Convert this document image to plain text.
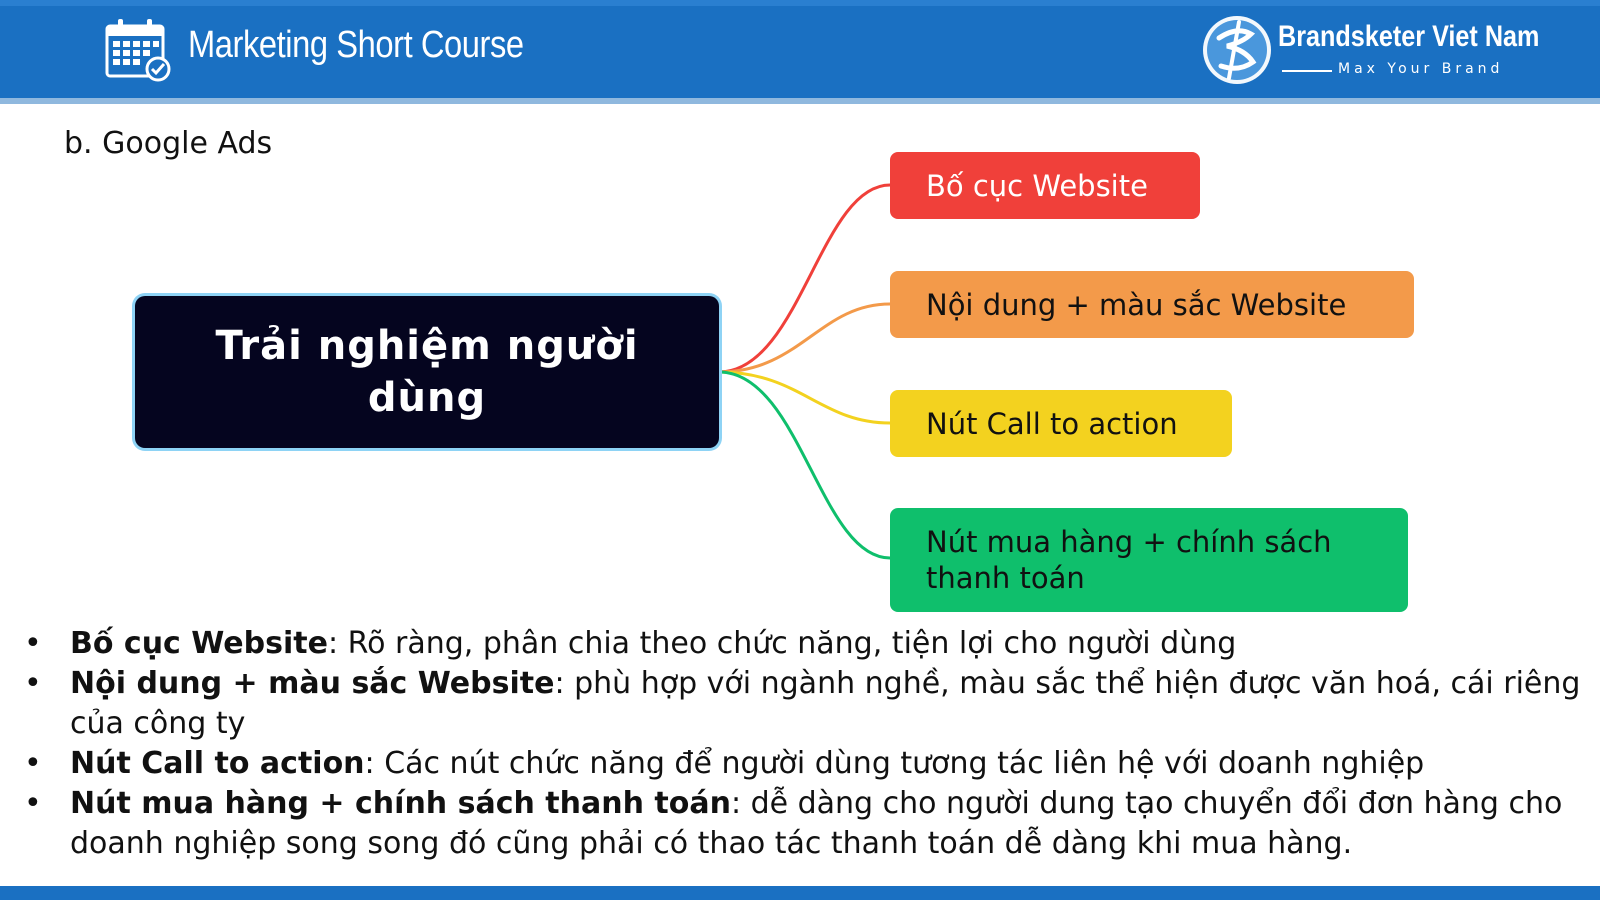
Marketing Short Course	Brandsketer Viet Nam
Max Your Brand
b. Google Ads
Trải nghiệm người dùng
Bố cục Website
Nội dung + màu sắc Website
Nút Call to action
Nút mua hàng + chính sách thanh toán
• Bố cục Website: Rõ ràng, phân chia theo chức năng, tiện lợi cho người dùng
• Nội dung + màu sắc Website: phù hợp với ngành nghề, màu sắc thể hiện được văn hoá, cái riêng của công ty
• Nút Call to action: Các nút chức năng để người dùng tương tác liên hệ với doanh nghiệp
• Nút mua hàng + chính sách thanh toán: dễ dàng cho người dung tạo chuyển đổi đơn hàng cho doanh nghiệp song song đó cũng phải có thao tác thanh toán dễ dàng khi mua hàng.
